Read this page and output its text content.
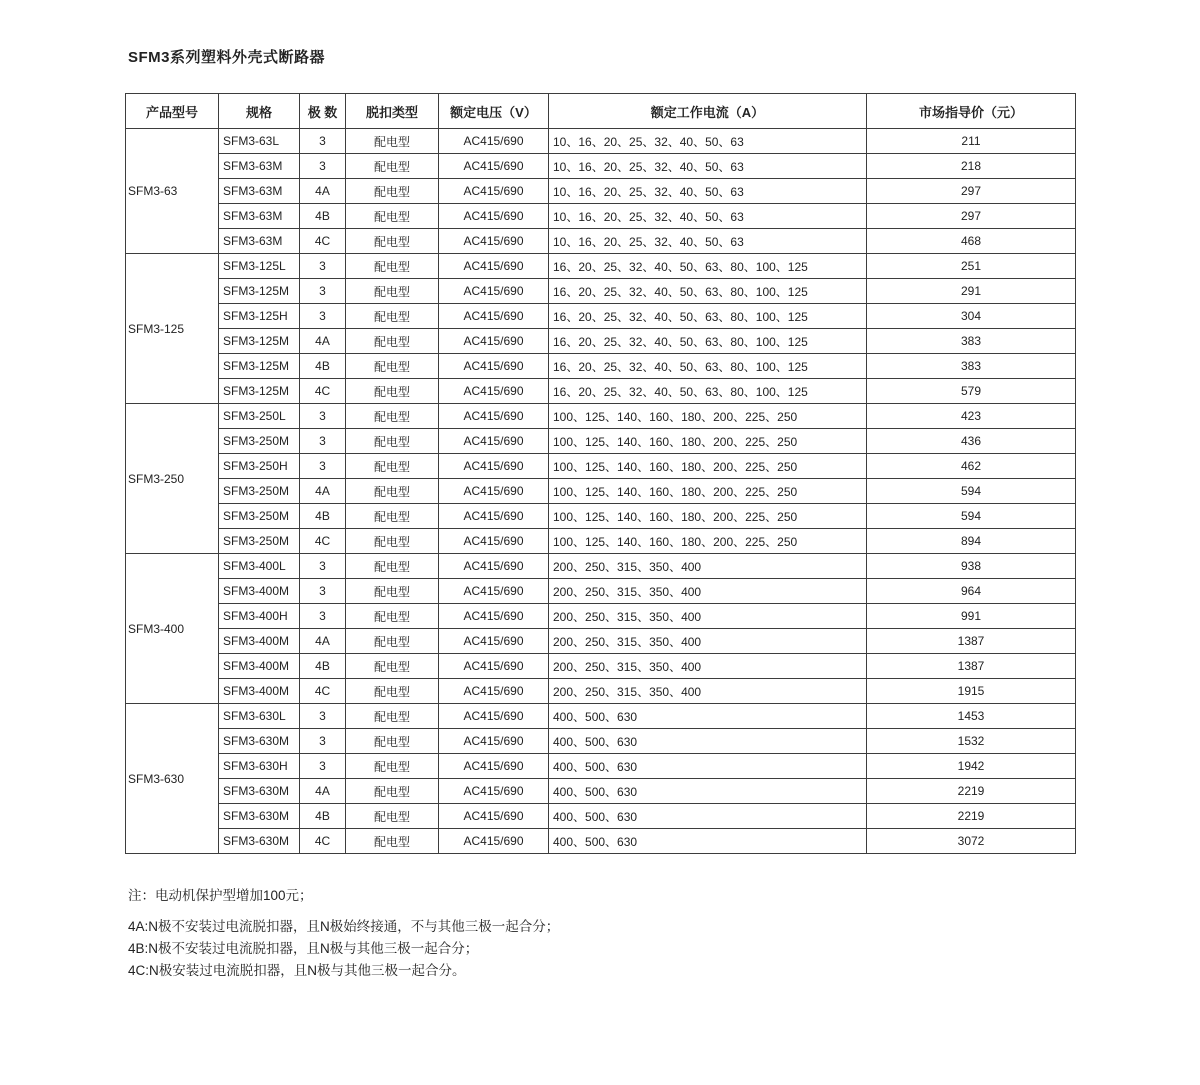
SFM3系列塑料外壳式断路器
产品型号	规格	极 数	脱扣类型	额定电压（V）	额定工作电流（A）	市场指导价（元）
SFM3-63	SFM3-63L	3	配电型	AC415/690	10、16、20、25、32、40、50、63	211
	SFM3-63M	3	配电型	AC415/690	10、16、20、25、32、40、50、63	218
	SFM3-63M	4A	配电型	AC415/690	10、16、20、25、32、40、50、63	297
	SFM3-63M	4B	配电型	AC415/690	10、16、20、25、32、40、50、63	297
	SFM3-63M	4C	配电型	AC415/690	10、16、20、25、32、40、50、63	468
SFM3-125	SFM3-125L	3	配电型	AC415/690	16、20、25、32、40、50、63、80、100、125	251
	SFM3-125M	3	配电型	AC415/690	16、20、25、32、40、50、63、80、100、125	291
	SFM3-125H	3	配电型	AC415/690	16、20、25、32、40、50、63、80、100、125	304
	SFM3-125M	4A	配电型	AC415/690	16、20、25、32、40、50、63、80、100、125	383
	SFM3-125M	4B	配电型	AC415/690	16、20、25、32、40、50、63、80、100、125	383
	SFM3-125M	4C	配电型	AC415/690	16、20、25、32、40、50、63、80、100、125	579
SFM3-250	SFM3-250L	3	配电型	AC415/690	100、125、140、160、180、200、225、250	423
	SFM3-250M	3	配电型	AC415/690	100、125、140、160、180、200、225、250	436
	SFM3-250H	3	配电型	AC415/690	100、125、140、160、180、200、225、250	462
	SFM3-250M	4A	配电型	AC415/690	100、125、140、160、180、200、225、250	594
	SFM3-250M	4B	配电型	AC415/690	100、125、140、160、180、200、225、250	594
	SFM3-250M	4C	配电型	AC415/690	100、125、140、160、180、200、225、250	894
SFM3-400	SFM3-400L	3	配电型	AC415/690	200、250、315、350、400	938
	SFM3-400M	3	配电型	AC415/690	200、250、315、350、400	964
	SFM3-400H	3	配电型	AC415/690	200、250、315、350、400	991
	SFM3-400M	4A	配电型	AC415/690	200、250、315、350、400	1387
	SFM3-400M	4B	配电型	AC415/690	200、250、315、350、400	1387
	SFM3-400M	4C	配电型	AC415/690	200、250、315、350、400	1915
SFM3-630	SFM3-630L	3	配电型	AC415/690	400、500、630	1453
	SFM3-630M	3	配电型	AC415/690	400、500、630	1532
	SFM3-630H	3	配电型	AC415/690	400、500、630	1942
	SFM3-630M	4A	配电型	AC415/690	400、500、630	2219
	SFM3-630M	4B	配电型	AC415/690	400、500、630	2219
	SFM3-630M	4C	配电型	AC415/690	400、500、630	3072
注：电动机保护型增加100元；
4A:N极不安装过电流脱扣器，且N极始终接通，不与其他三极一起合分；
4B:N极不安装过电流脱扣器，且N极与其他三极一起合分；
4C:N极安装过电流脱扣器，且N极与其他三极一起合分。
